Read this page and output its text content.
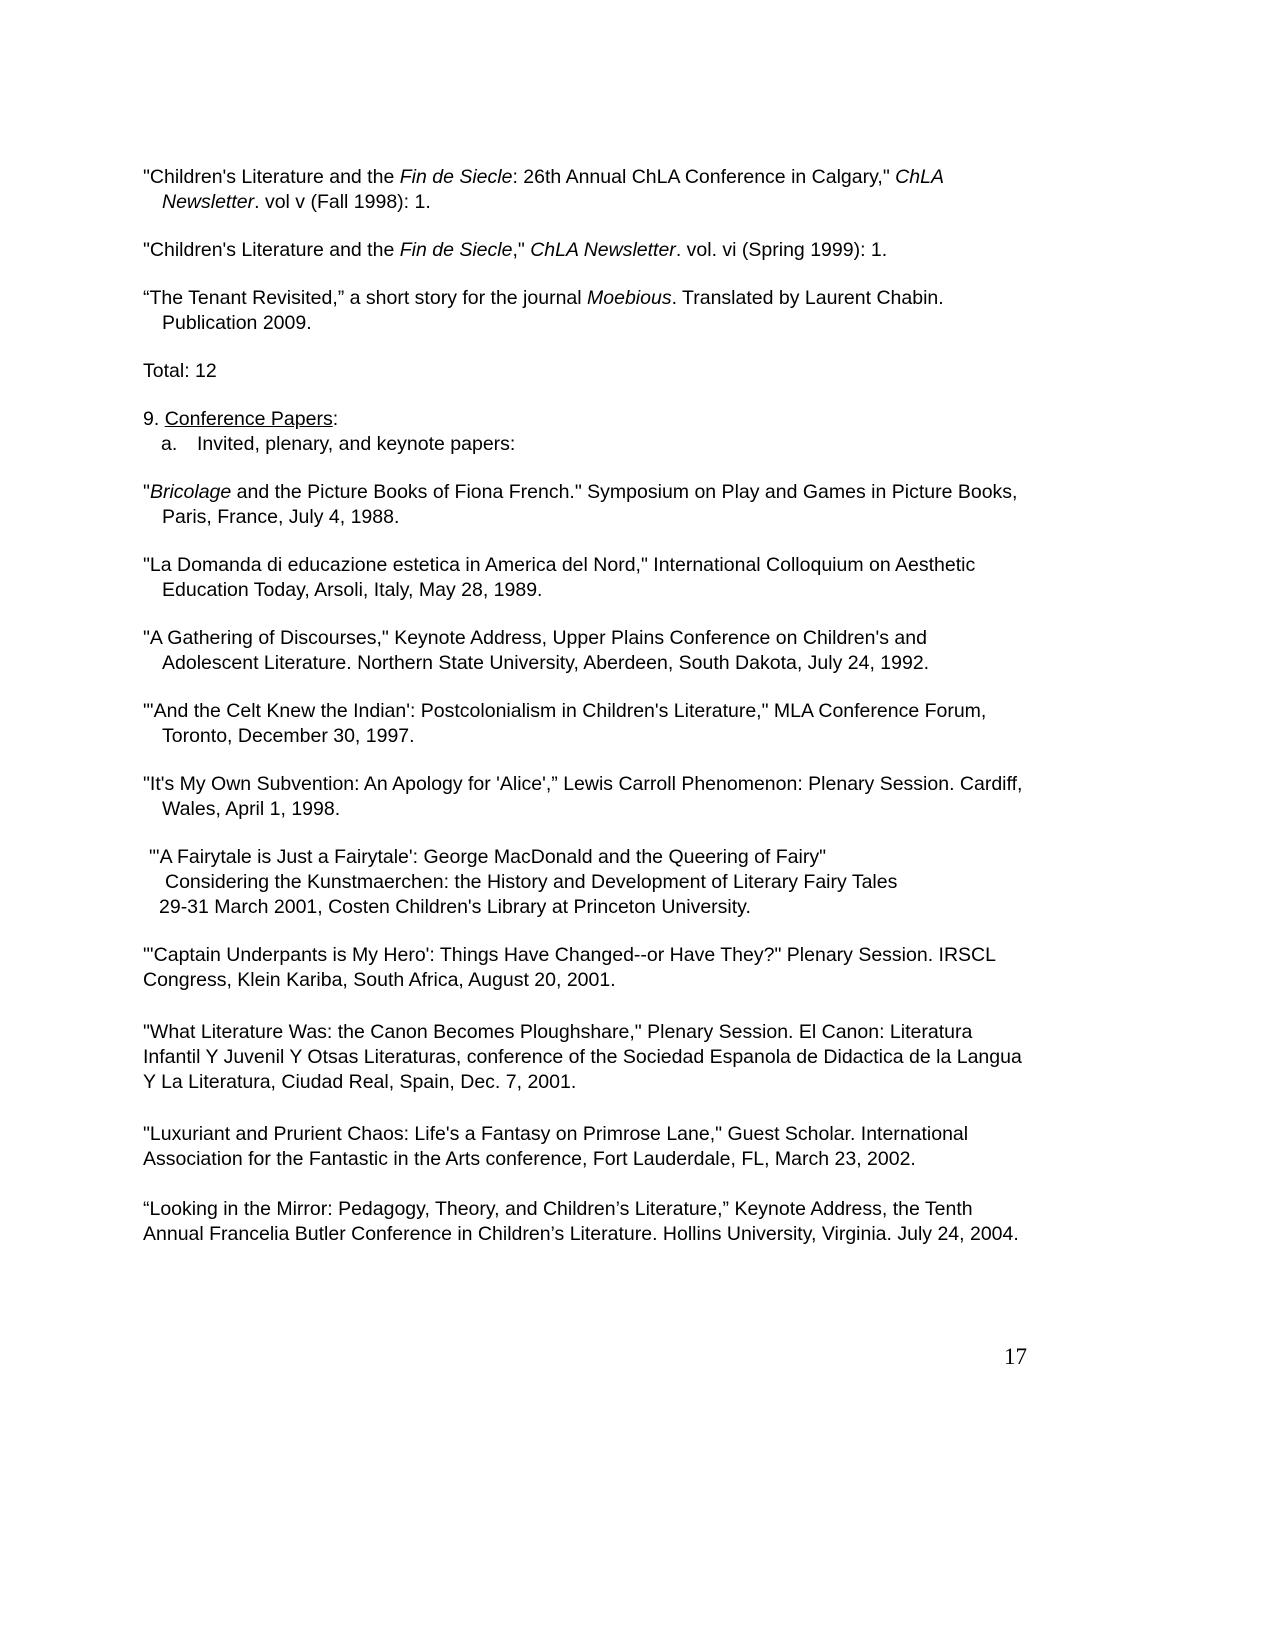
"Children's Literature and the Fin de Siecle: 26th Annual ChLA Conference in Calgary," ChLA Newsletter. vol v (Fall 1998): 1.

"Children's Literature and the Fin de Siecle," ChLA Newsletter. vol. vi (Spring 1999): 1.

“The Tenant Revisited,” a short story for the journal Moebious. Translated by Laurent Chabin. Publication 2009.

Total: 12

9. Conference Papers:
a. Invited, plenary, and keynote papers:

"Bricolage and the Picture Books of Fiona French." Symposium on Play and Games in Picture Books, Paris, France, July 4, 1988.

"La Domanda di educazione estetica in America del Nord," International Colloquium on Aesthetic Education Today, Arsoli, Italy, May 28, 1989.

"A Gathering of Discourses," Keynote Address, Upper Plains Conference on Children's and Adolescent Literature. Northern State University, Aberdeen, South Dakota, July 24, 1992.

"'And the Celt Knew the Indian': Postcolonialism in Children's Literature," MLA Conference Forum, Toronto, December 30, 1997.

"It's My Own Subvention: An Apology for 'Alice',” Lewis Carroll Phenomenon: Plenary Session. Cardiff, Wales, April 1, 1998.

"'A Fairytale is Just a Fairytale': George MacDonald and the Queering of Fairy"
Considering the Kunstmaerchen: the History and Development of Literary Fairy Tales
29-31 March 2001, Costen Children's Library at Princeton University.

"'Captain Underpants is My Hero': Things Have Changed--or Have They?" Plenary Session. IRSCL Congress, Klein Kariba, South Africa, August 20, 2001.

"What Literature Was: the Canon Becomes Ploughshare," Plenary Session. El Canon: Literatura Infantil Y Juvenil Y Otsas Literaturas, conference of the Sociedad Espanola de Didactica de la Langua Y La Literatura, Ciudad Real, Spain, Dec. 7, 2001.

"Luxuriant and Prurient Chaos: Life's a Fantasy on Primrose Lane," Guest Scholar. International Association for the Fantastic in the Arts conference, Fort Lauderdale, FL, March 23, 2002.

“Looking in the Mirror: Pedagogy, Theory, and Children’s Literature,” Keynote Address, the Tenth Annual Francelia Butler Conference in Children’s Literature. Hollins University, Virginia. July 24, 2004.

17
